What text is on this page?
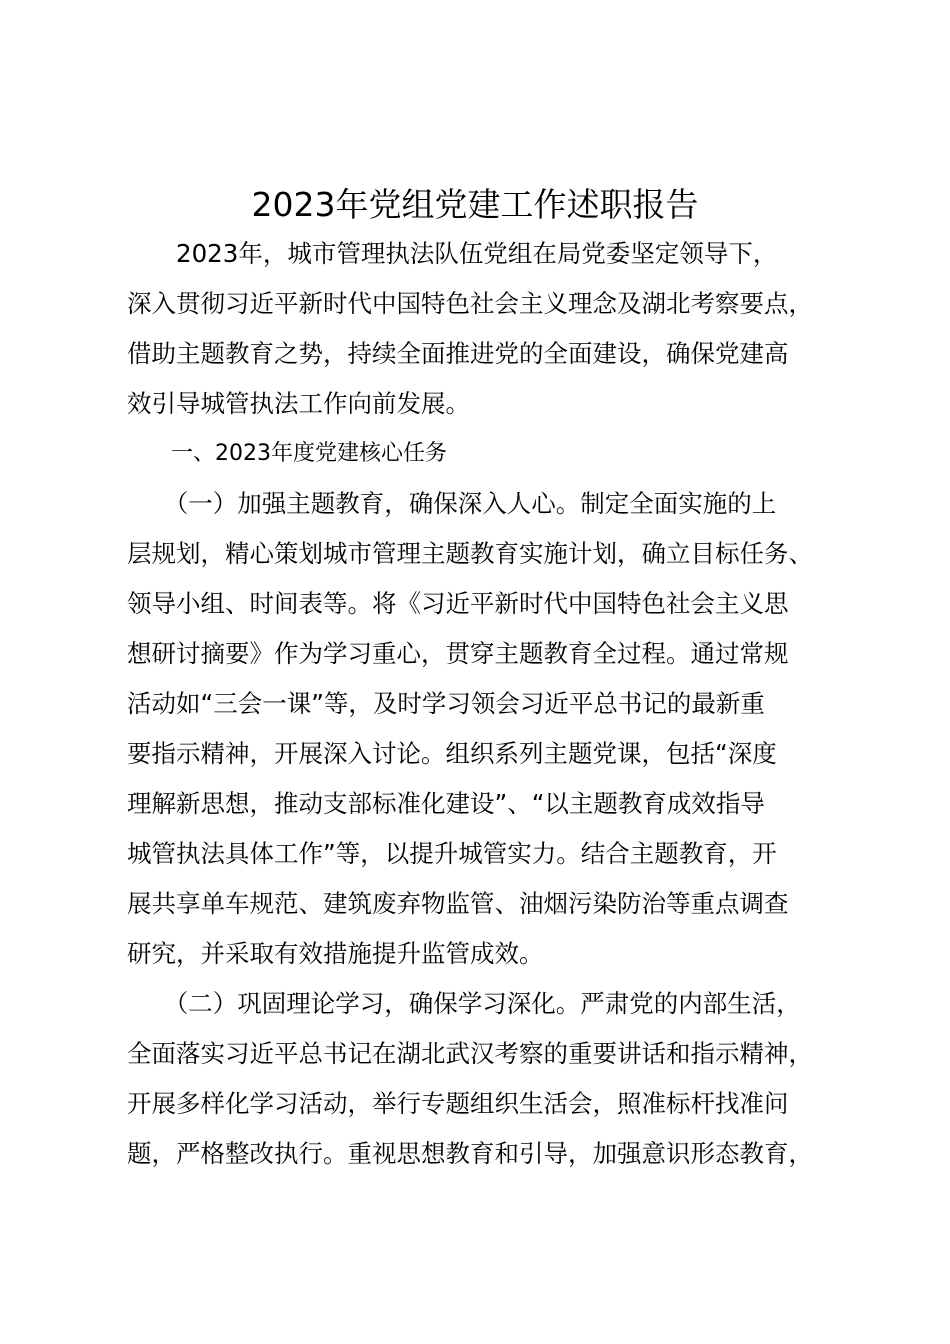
2023年党组党建工作述职报告
　　2023年，城市管理执法队伍党组在局党委坚定领导下，
深入贯彻习近平新时代中国特色社会主义理念及湖北考察要点，
借助主题教育之势，持续全面推进党的全面建设，确保党建高
效引导城管执法工作向前发展。
　　一、2023年度党建核心任务
　　（一）加强主题教育，确保深入人心。制定全面实施的上
层规划，精心策划城市管理主题教育实施计划，确立目标任务、
领导小组、时间表等。将《习近平新时代中国特色社会主义思
想研讨摘要》作为学习重心，贯穿主题教育全过程。通过常规
活动如“三会一课”等，及时学习领会习近平总书记的最新重
要指示精神，开展深入讨论。组织系列主题党课，包括“深度
理解新思想，推动支部标准化建设”、“以主题教育成效指导
城管执法具体工作”等，以提升城管实力。结合主题教育，开
展共享单车规范、建筑废弃物监管、油烟污染防治等重点调查
研究，并采取有效措施提升监管成效。
　　（二）巩固理论学习，确保学习深化。严肃党的内部生活，
全面落实习近平总书记在湖北武汉考察的重要讲话和指示精神，
开展多样化学习活动，举行专题组织生活会，照准标杆找准问
题，严格整改执行。重视思想教育和引导，加强意识形态教育，
